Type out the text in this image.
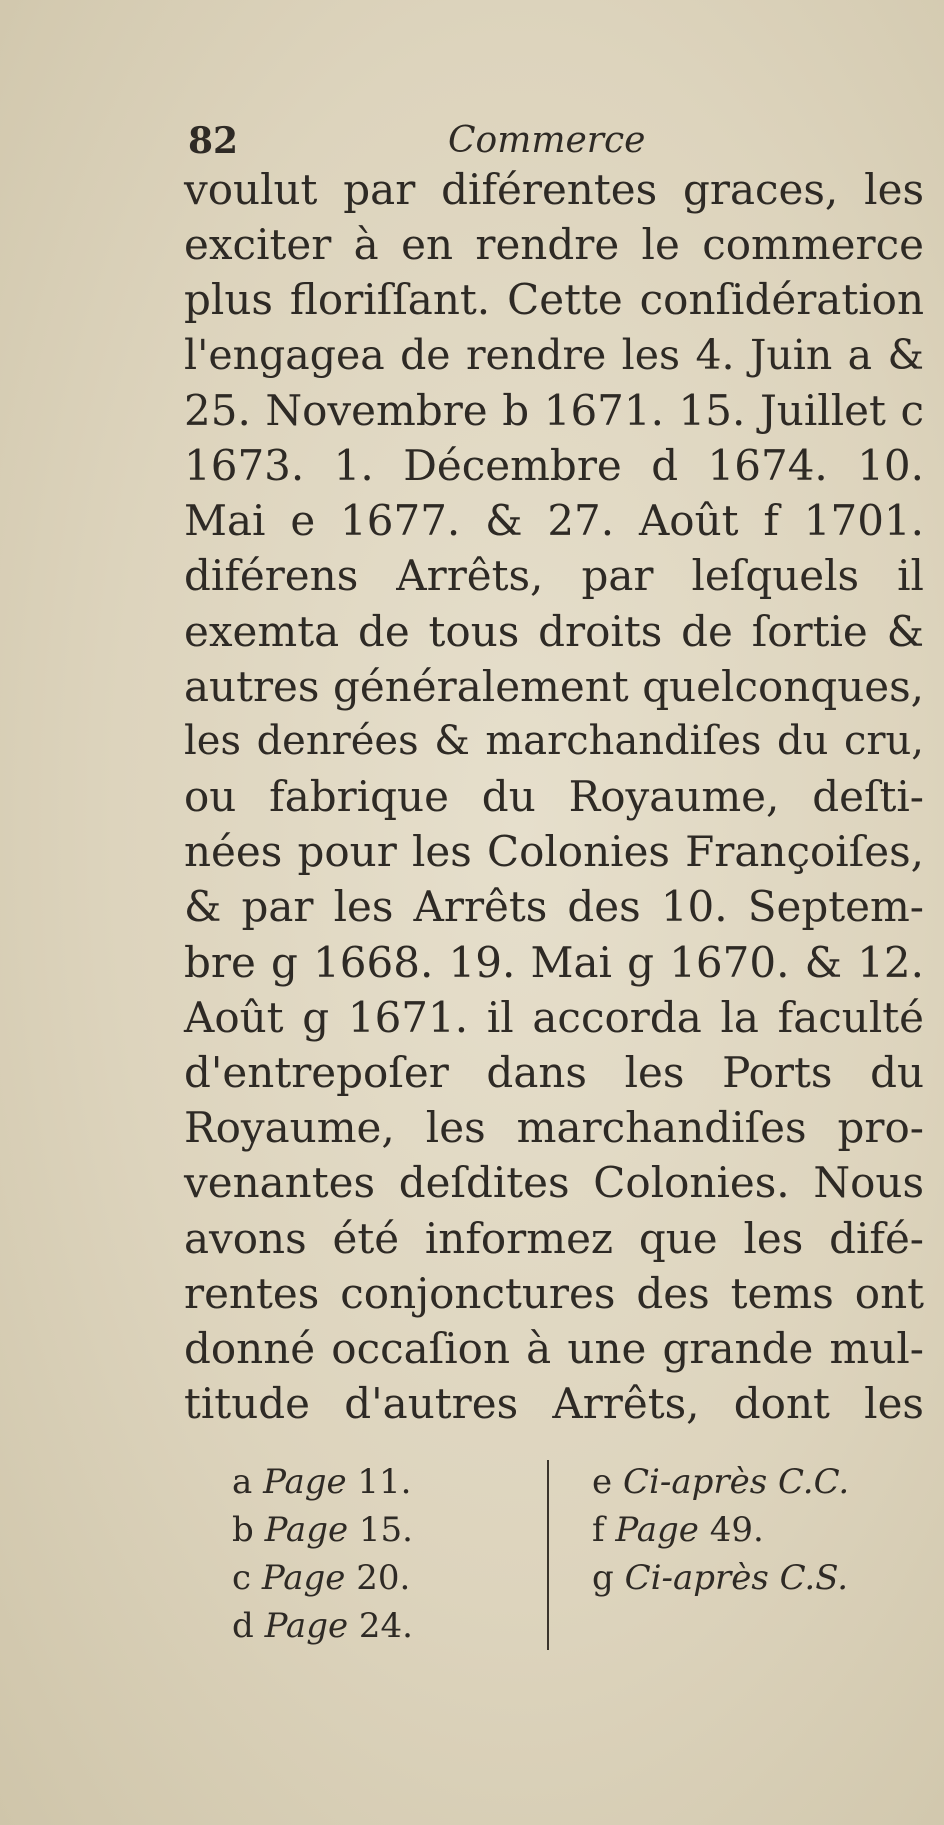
82	Commerce
voulut par diférentes graces, les
exciter à en rendre le commerce
plus floriſſant. Cette conſidération
l'engagea de rendre les 4. Juin a &
25. Novembre b 1671. 15. Juillet c
1673. 1. Décembre d 1674. 10.
Mai e 1677. & 27. Août f 1701.
diférens Arrêts, par leſquels il
exemta de tous droits de ſortie &
autres généralement quelconques,
les denrées & marchandiſes du cru,
ou fabrique du Royaume, deſti-
nées pour les Colonies Françoiſes,
& par les Arrêts des 10. Septem-
bre g 1668. 19. Mai g 1670. & 12.
Août g 1671. il accorda la faculté
d'entrepoſer dans les Ports du
Royaume, les marchandiſes pro-
venantes deſdites Colonies. Nous
avons été informez que les difé-
rentes conjonctures des tems ont
donné occaſion à une grande mul-
titude d'autres Arrêts, dont les
a Page 11.
b Page 15.
c Page 20.
d Page 24.
e Ci-après C.C.
f Page 49.
g Ci-après C.S.
